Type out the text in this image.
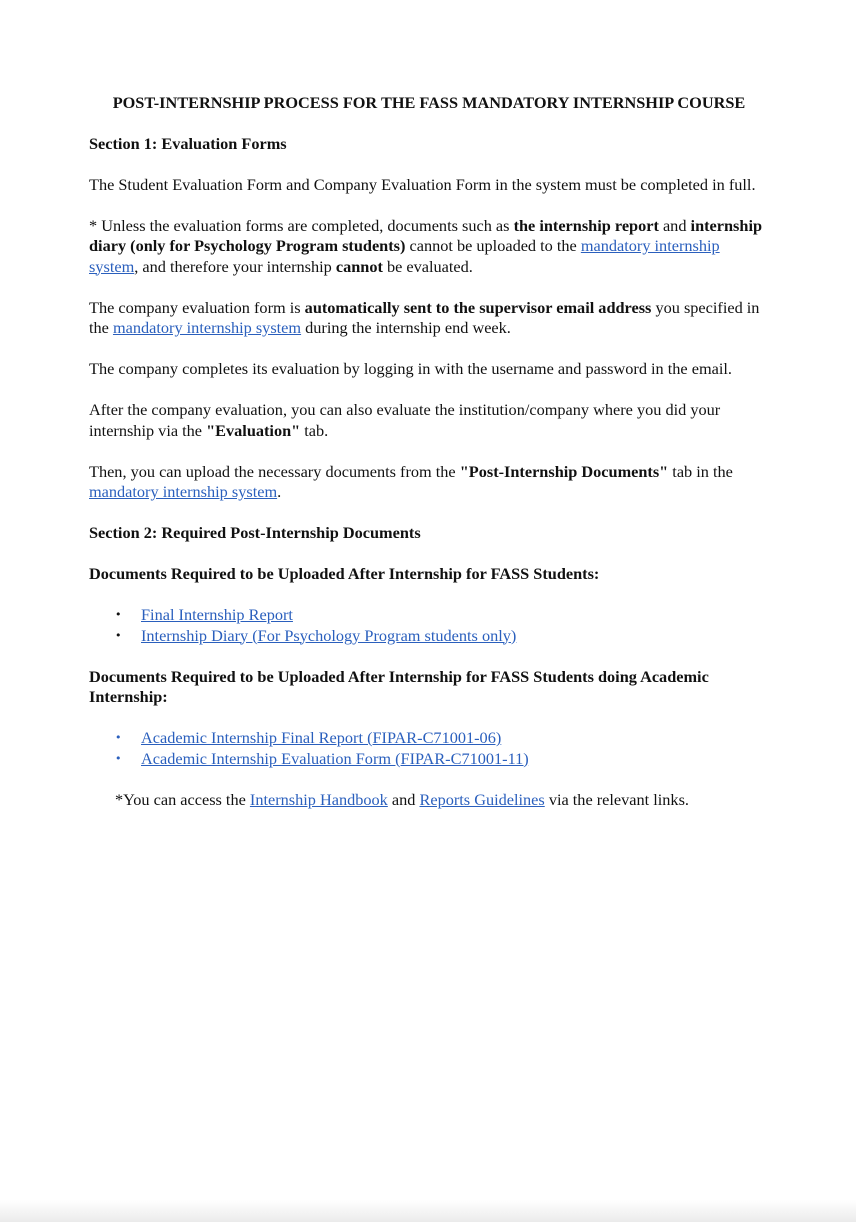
POST-INTERNSHIP PROCESS FOR THE FASS MANDATORY INTERNSHIP COURSE
Section 1: Evaluation Forms

The Student Evaluation Form and Company Evaluation Form in the system must be completed in full.

* Unless the evaluation forms are completed, documents such as the internship report and internship diary (only for Psychology Program students) cannot be uploaded to the mandatory internship system, and therefore your internship cannot be evaluated.

The company evaluation form is automatically sent to the supervisor email address you specified in the mandatory internship system during the internship end week.

The company completes its evaluation by logging in with the username and password in the email.

After the company evaluation, you can also evaluate the institution/company where you did your internship via the "Evaluation" tab.

Then, you can upload the necessary documents from the "Post-Internship Documents" tab in the mandatory internship system.

Section 2: Required Post-Internship Documents
Documents Required to be Uploaded After Internship for FASS Students:
• Final Internship Report
• Internship Diary (For Psychology Program students only)
Documents Required to be Uploaded After Internship for FASS Students doing Academic Internship:
• Academic Internship Final Report (FIPAR-C71001-06)
• Academic Internship Evaluation Form (FIPAR-C71001-11)

*You can access the Internship Handbook and Reports Guidelines via the relevant links.
